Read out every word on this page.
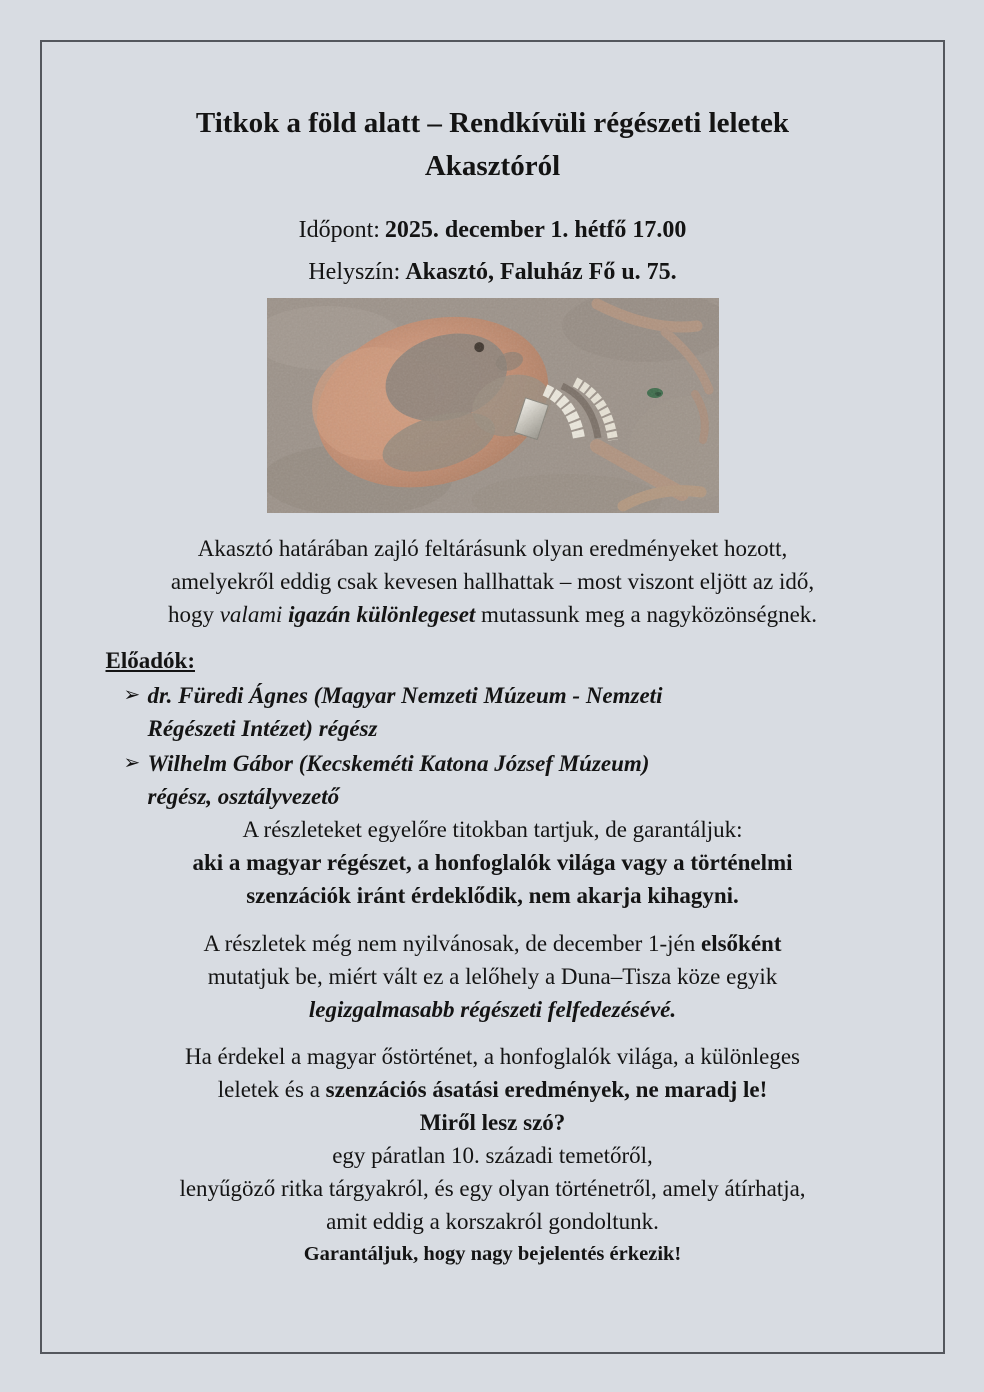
Titkok a föld alatt – Rendkívüli régészeti leletek
Akasztóról
Időpont: 2025. december 1. hétfő 17.00
Helyszín: Akasztó, Faluház Fő u. 75.
Akasztó határában zajló feltárásunk olyan eredményeket hozott,
amelyekről eddig csak kevesen hallhattak – most viszont eljött az idő,
hogy valami igazán különlegeset mutassunk meg a nagyközönségnek.
Előadók:
➢ dr. Füredi Ágnes (Magyar Nemzeti Múzeum - Nemzeti
Régészeti Intézet) régész
➢ Wilhelm Gábor (Kecskeméti Katona József Múzeum)
régész, osztályvezető
A részleteket egyelőre titokban tartjuk, de garantáljuk:
aki a magyar régészet, a honfoglalók világa vagy a történelmi
szenzációk iránt érdeklődik, nem akarja kihagyni.
A részletek még nem nyilvánosak, de december 1-jén elsőként
mutatjuk be, miért vált ez a lelőhely a Duna–Tisza köze egyik
legizgalmasabb régészeti felfedezésévé.
Ha érdekel a magyar őstörténet, a honfoglalók világa, a különleges
leletek és a szenzációs ásatási eredmények, ne maradj le!
Miről lesz szó?
egy páratlan 10. századi temetőről,
lenyűgöző ritka tárgyakról, és egy olyan történetről, amely átírhatja,
amit eddig a korszakról gondoltunk.
Garantáljuk, hogy nagy bejelentés érkezik!
